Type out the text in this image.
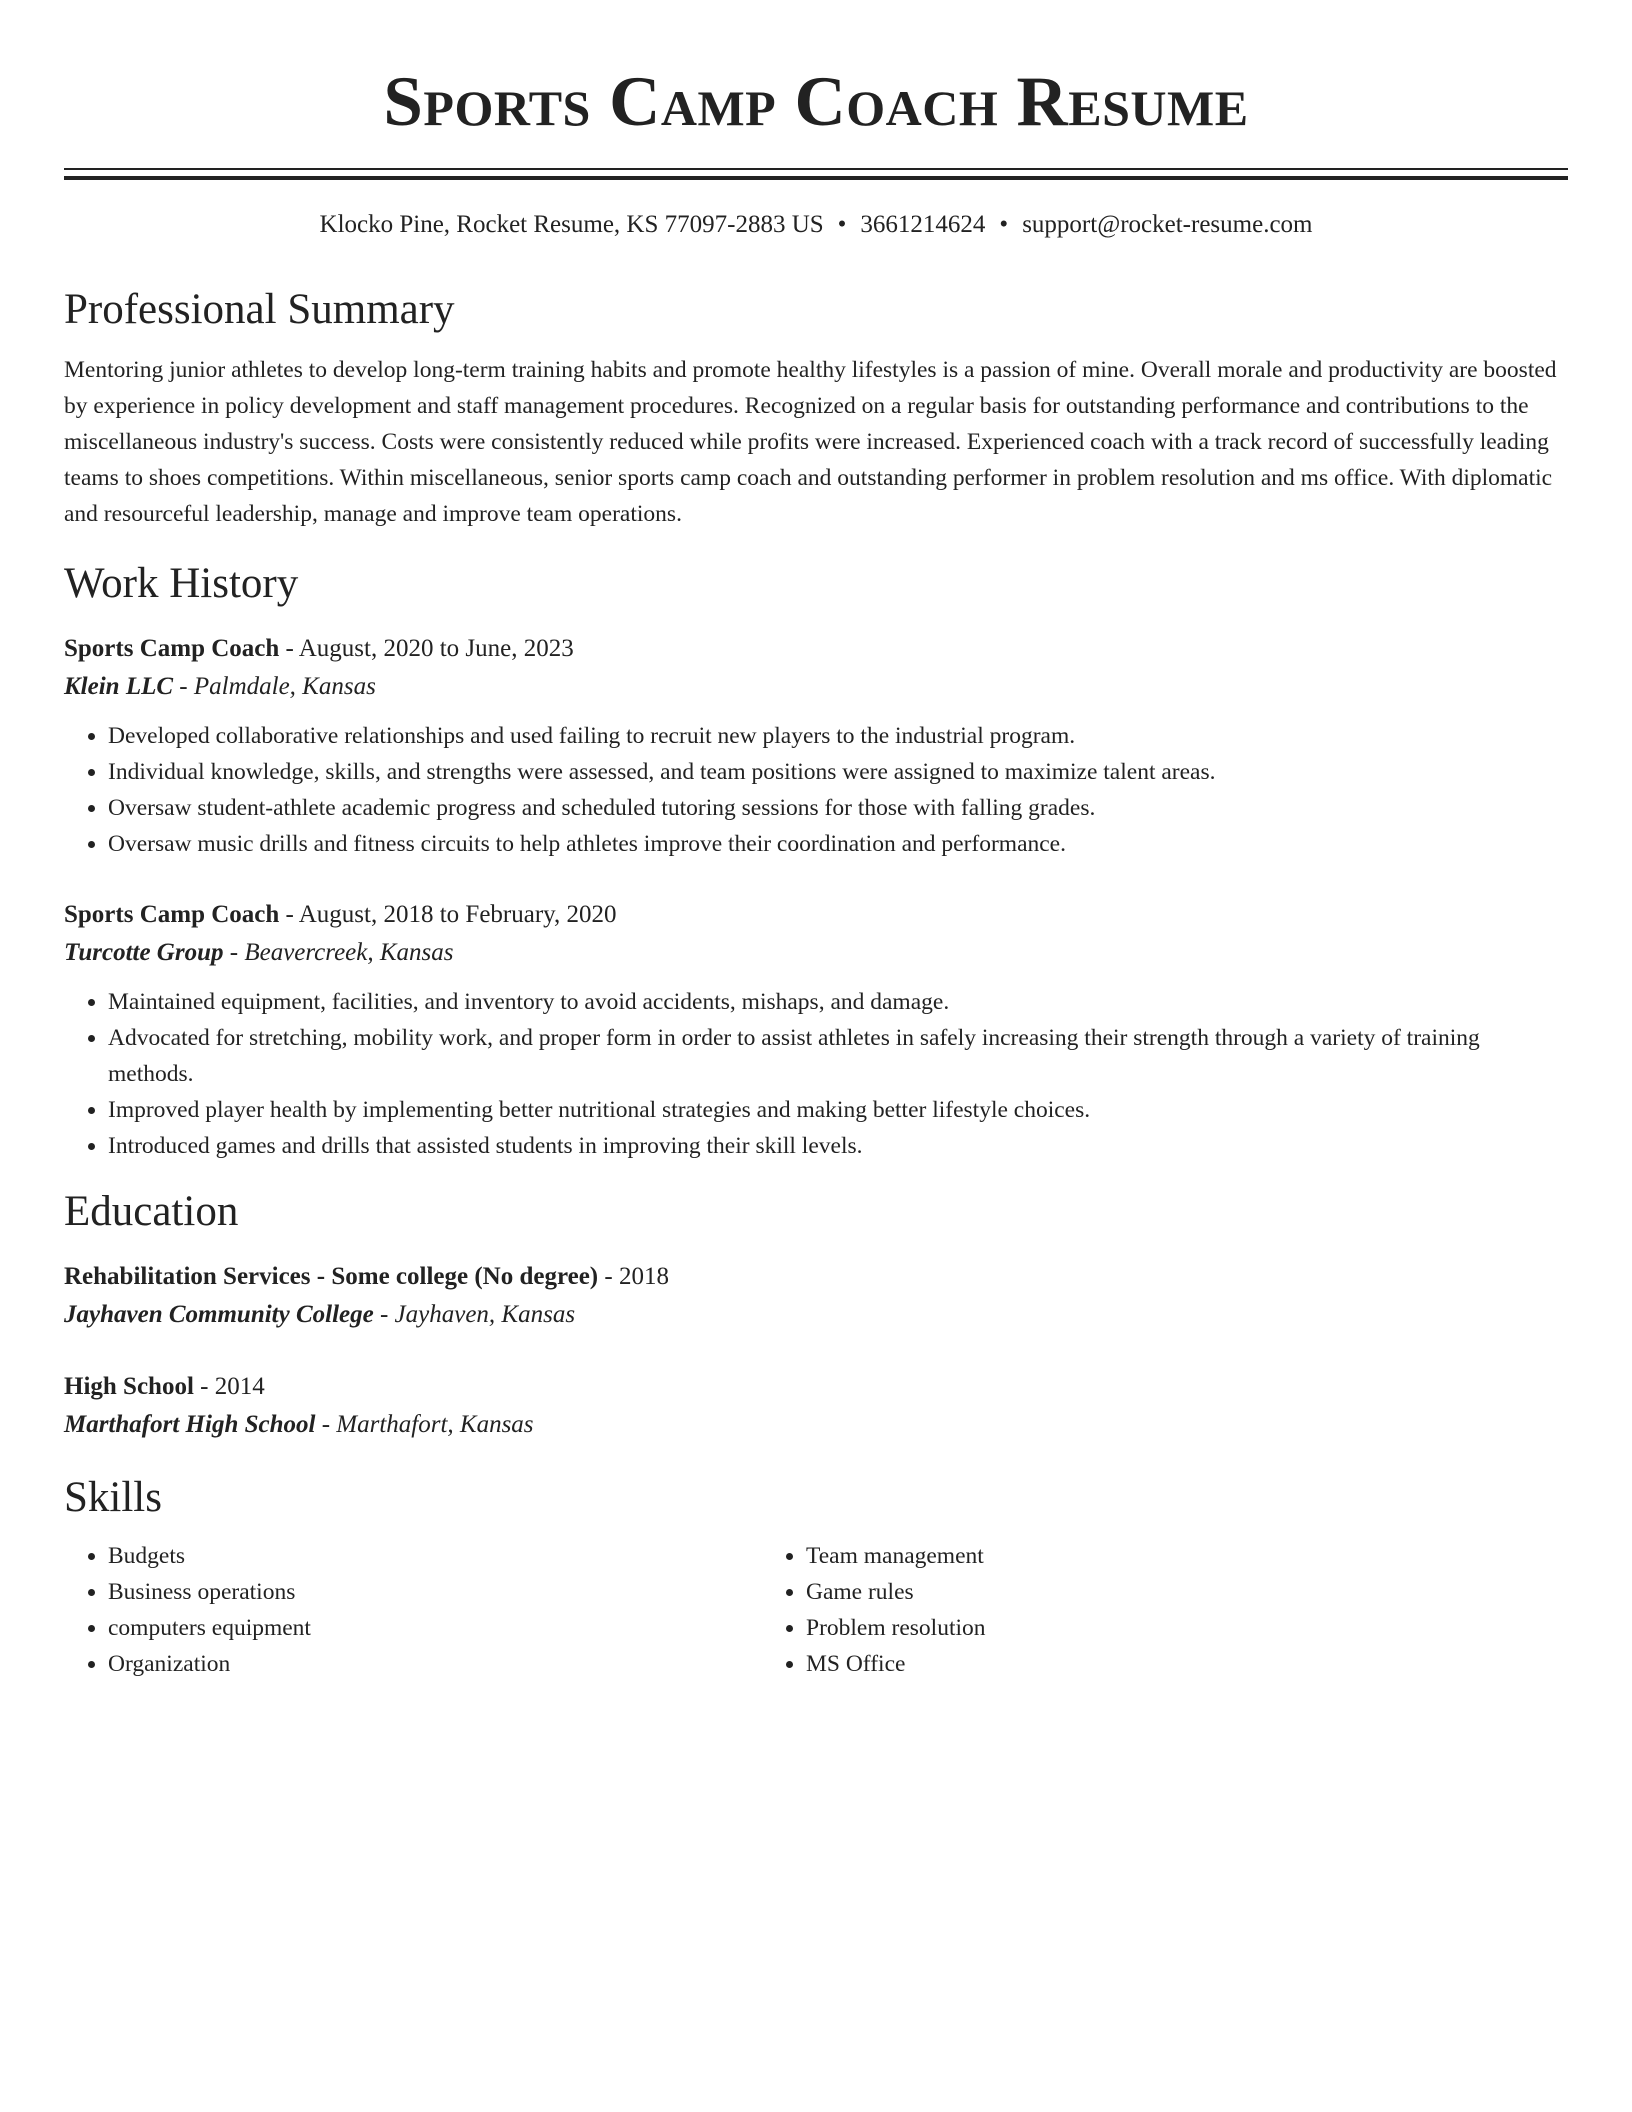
Sports Camp Coach Resume
Klocko Pine, Rocket Resume, KS 77097-2883 US • 3661214624 • support@rocket-resume.com
Professional Summary
Mentoring junior athletes to develop long-term training habits and promote healthy lifestyles is a passion of mine. Overall morale and productivity are boosted by experience in policy development and staff management procedures. Recognized on a regular basis for outstanding performance and contributions to the miscellaneous industry's success. Costs were consistently reduced while profits were increased. Experienced coach with a track record of successfully leading teams to shoes competitions. Within miscellaneous, senior sports camp coach and outstanding performer in problem resolution and ms office. With diplomatic and resourceful leadership, manage and improve team operations.
Work History
Sports Camp Coach - August, 2020 to June, 2023
Klein LLC - Palmdale, Kansas
• Developed collaborative relationships and used failing to recruit new players to the industrial program.
• Individual knowledge, skills, and strengths were assessed, and team positions were assigned to maximize talent areas.
• Oversaw student-athlete academic progress and scheduled tutoring sessions for those with falling grades.
• Oversaw music drills and fitness circuits to help athletes improve their coordination and performance.
Sports Camp Coach - August, 2018 to February, 2020
Turcotte Group - Beavercreek, Kansas
• Maintained equipment, facilities, and inventory to avoid accidents, mishaps, and damage.
• Advocated for stretching, mobility work, and proper form in order to assist athletes in safely increasing their strength through a variety of training methods.
• Improved player health by implementing better nutritional strategies and making better lifestyle choices.
• Introduced games and drills that assisted students in improving their skill levels.
Education
Rehabilitation Services - Some college (No degree) - 2018
Jayhaven Community College - Jayhaven, Kansas
High School - 2014
Marthafort High School - Marthafort, Kansas
Skills
• Budgets
• Business operations
• computers equipment
• Organization
• Team management
• Game rules
• Problem resolution
• MS Office
